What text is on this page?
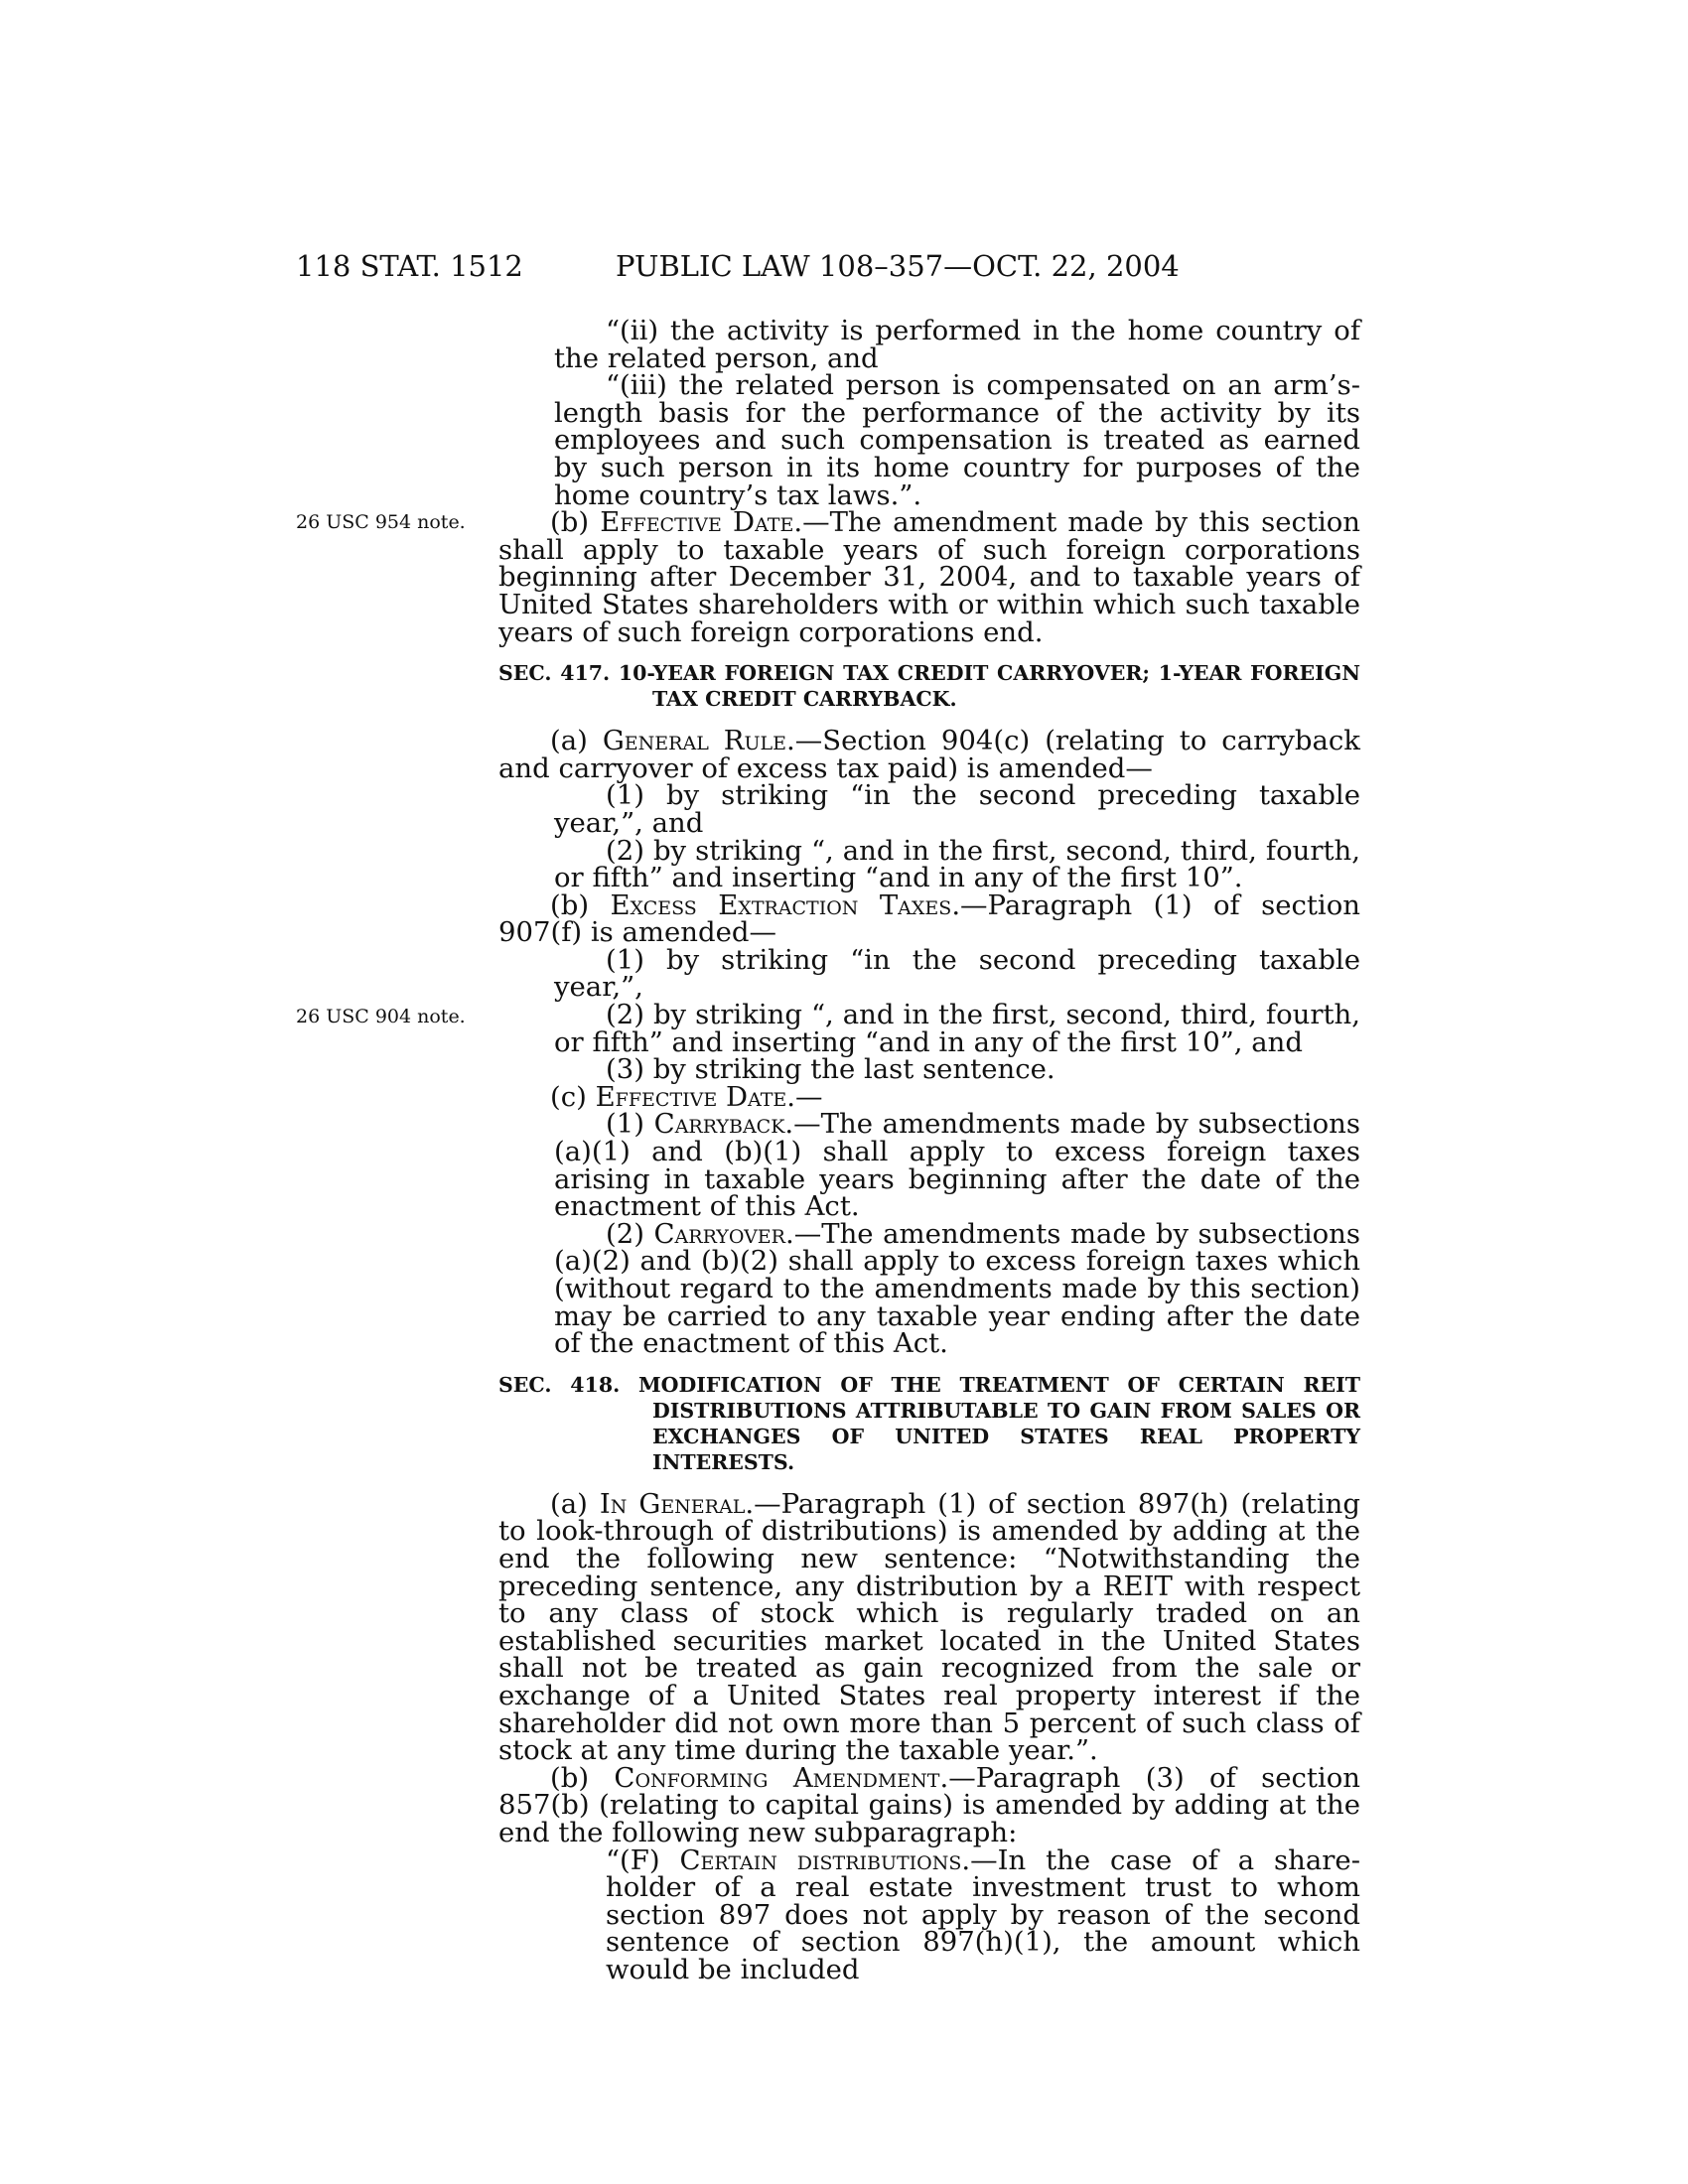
118 STAT. 1512	PUBLIC LAW 108–357—OCT. 22, 2004
26 USC 954 note.
26 USC 904 note.

“(ii) the activity is performed in the home country of the related person, and

“(iii) the related person is compensated on an arm’s-length basis for the performance of the activity by its employees and such compensation is treated as earned by such person in its home country for purposes of the home country’s tax laws.”.

(b) Effective Date.—The amendment made by this section shall apply to taxable years of such foreign corporations beginning after December 31, 2004, and to taxable years of United States shareholders with or within which such taxable years of such foreign corporations end.

SEC. 417. 10-YEAR FOREIGN TAX CREDIT CARRYOVER; 1-YEAR FOREIGN TAX CREDIT CARRYBACK.

(a) General Rule.—Section 904(c) (relating to carryback and carryover of excess tax paid) is amended—

(1) by striking “in the second preceding taxable year,”, and

(2) by striking “, and in the first, second, third, fourth, or fifth” and inserting “and in any of the first 10”.

(b) Excess Extraction Taxes.—Paragraph (1) of section 907(f) is amended—

(1) by striking “in the second preceding taxable year,”,

(2) by striking “, and in the first, second, third, fourth, or fifth” and inserting “and in any of the first 10”, and

(3) by striking the last sentence.

(c) Effective Date.—

(1) Carryback.—The amendments made by subsections (a)(1) and (b)(1) shall apply to excess foreign taxes arising in taxable years beginning after the date of the enactment of this Act.

(2) Carryover.—The amendments made by subsections (a)(2) and (b)(2) shall apply to excess foreign taxes which (without regard to the amendments made by this section) may be carried to any taxable year ending after the date of the enactment of this Act.

SEC. 418. MODIFICATION OF THE TREATMENT OF CERTAIN REIT DISTRIBUTIONS ATTRIBUTABLE TO GAIN FROM SALES OR EXCHANGES OF UNITED STATES REAL PROPERTY INTERESTS.

(a) In General.—Paragraph (1) of section 897(h) (relating to look-through of distributions) is amended by adding at the end the following new sentence: “Notwithstanding the preceding sentence, any distribution by a REIT with respect to any class of stock which is regularly traded on an established securities market located in the United States shall not be treated as gain recognized from the sale or exchange of a United States real property interest if the shareholder did not own more than 5 percent of such class of stock at any time during the taxable year.”.

(b) Conforming Amendment.—Paragraph (3) of section 857(b) (relating to capital gains) is amended by adding at the end the following new subparagraph:

“(F) Certain distributions.—In the case of a shareholder of a real estate investment trust to whom section 897 does not apply by reason of the second sentence of section 897(h)(1), the amount which would be included
